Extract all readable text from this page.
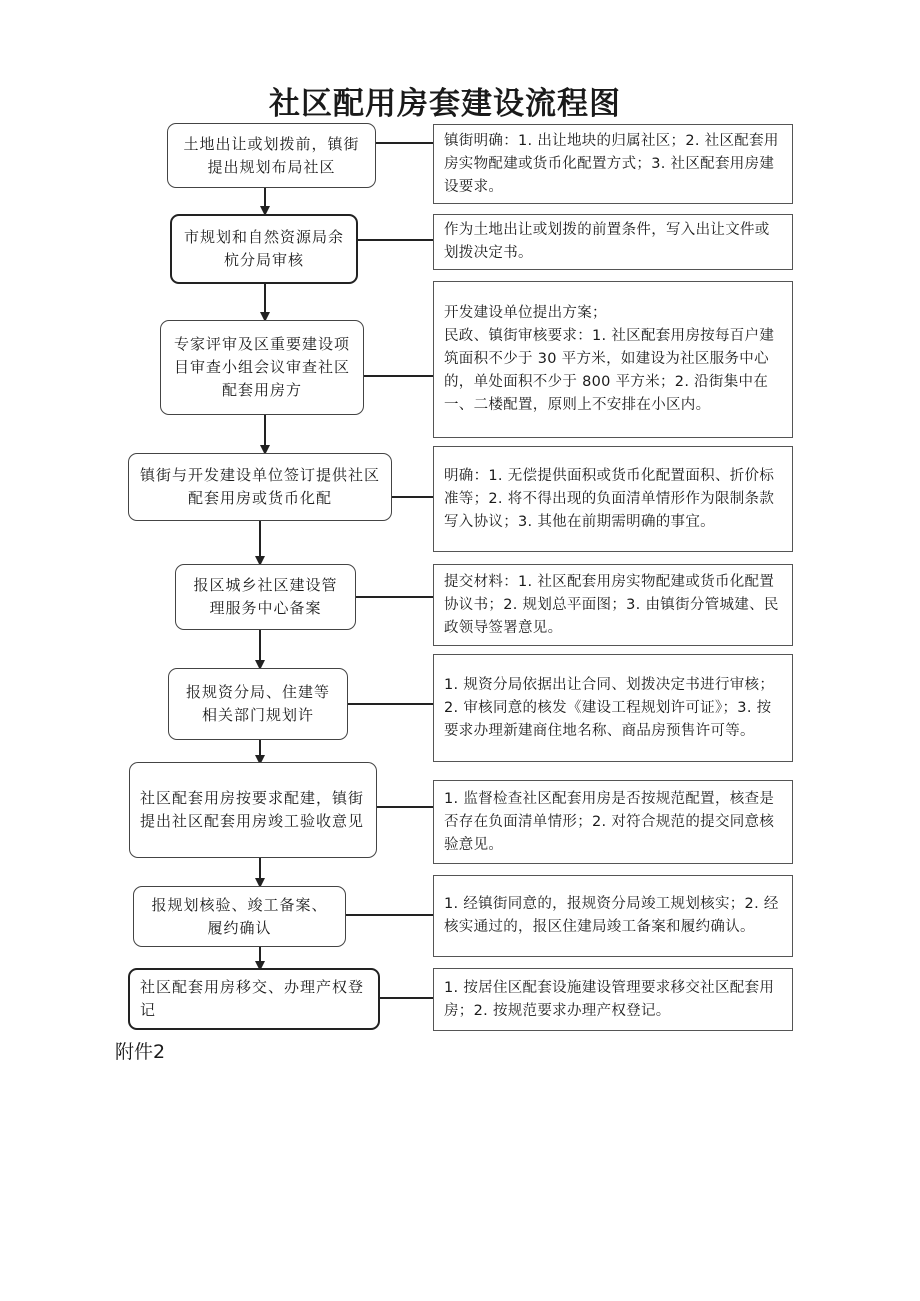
社区配用房套建设流程图
土地出让或划拨前，镇街提出规划布局社区
市规划和自然资源局余杭分局审核
专家评审及区重要建设项目审查小组会议审查社区配套用房方
镇街与开发建设单位签订提供社区配套用房或货币化配
报区城乡社区建设管理服务中心备案
报规资分局、住建等相关部门规划许
社区配套用房按要求配建，镇街提出社区配套用房竣工验收意见
报规划核验、竣工备案、履约确认
社区配套用房移交、办理产权登记
镇街明确：1. 出让地块的归属社区；2. 社区配套用房实物配建或货币化配置方式；3. 社区配套用房建设要求。
作为土地出让或划拨的前置条件，写入出让文件或划拨决定书。
开发建设单位提出方案；
民政、镇街审核要求：1. 社区配套用房按每百户建筑面积不少于 30 平方米，如建设为社区服务中心的，单处面积不少于 800 平方米；2. 沿街集中在一、二楼配置，原则上不安排在小区内。
明确：1. 无偿提供面积或货币化配置面积、折价标准等；2. 将不得出现的负面清单情形作为限制条款写入协议；3. 其他在前期需明确的事宜。
提交材料：1. 社区配套用房实物配建或货币化配置协议书；2. 规划总平面图；3. 由镇街分管城建、民政领导签署意见。
1. 规资分局依据出让合同、划拨决定书进行审核；2. 审核同意的核发《建设工程规划许可证》；3. 按要求办理新建商住地名称、商品房预售许可等。
1. 监督检查社区配套用房是否按规范配置，核查是否存在负面清单情形；2. 对符合规范的提交同意核验意见。
1. 经镇街同意的，报规资分局竣工规划核实；2. 经核实通过的，报区住建局竣工备案和履约确认。
1. 按居住区配套设施建设管理要求移交社区配套用房；2. 按规范要求办理产权登记。
附件2
